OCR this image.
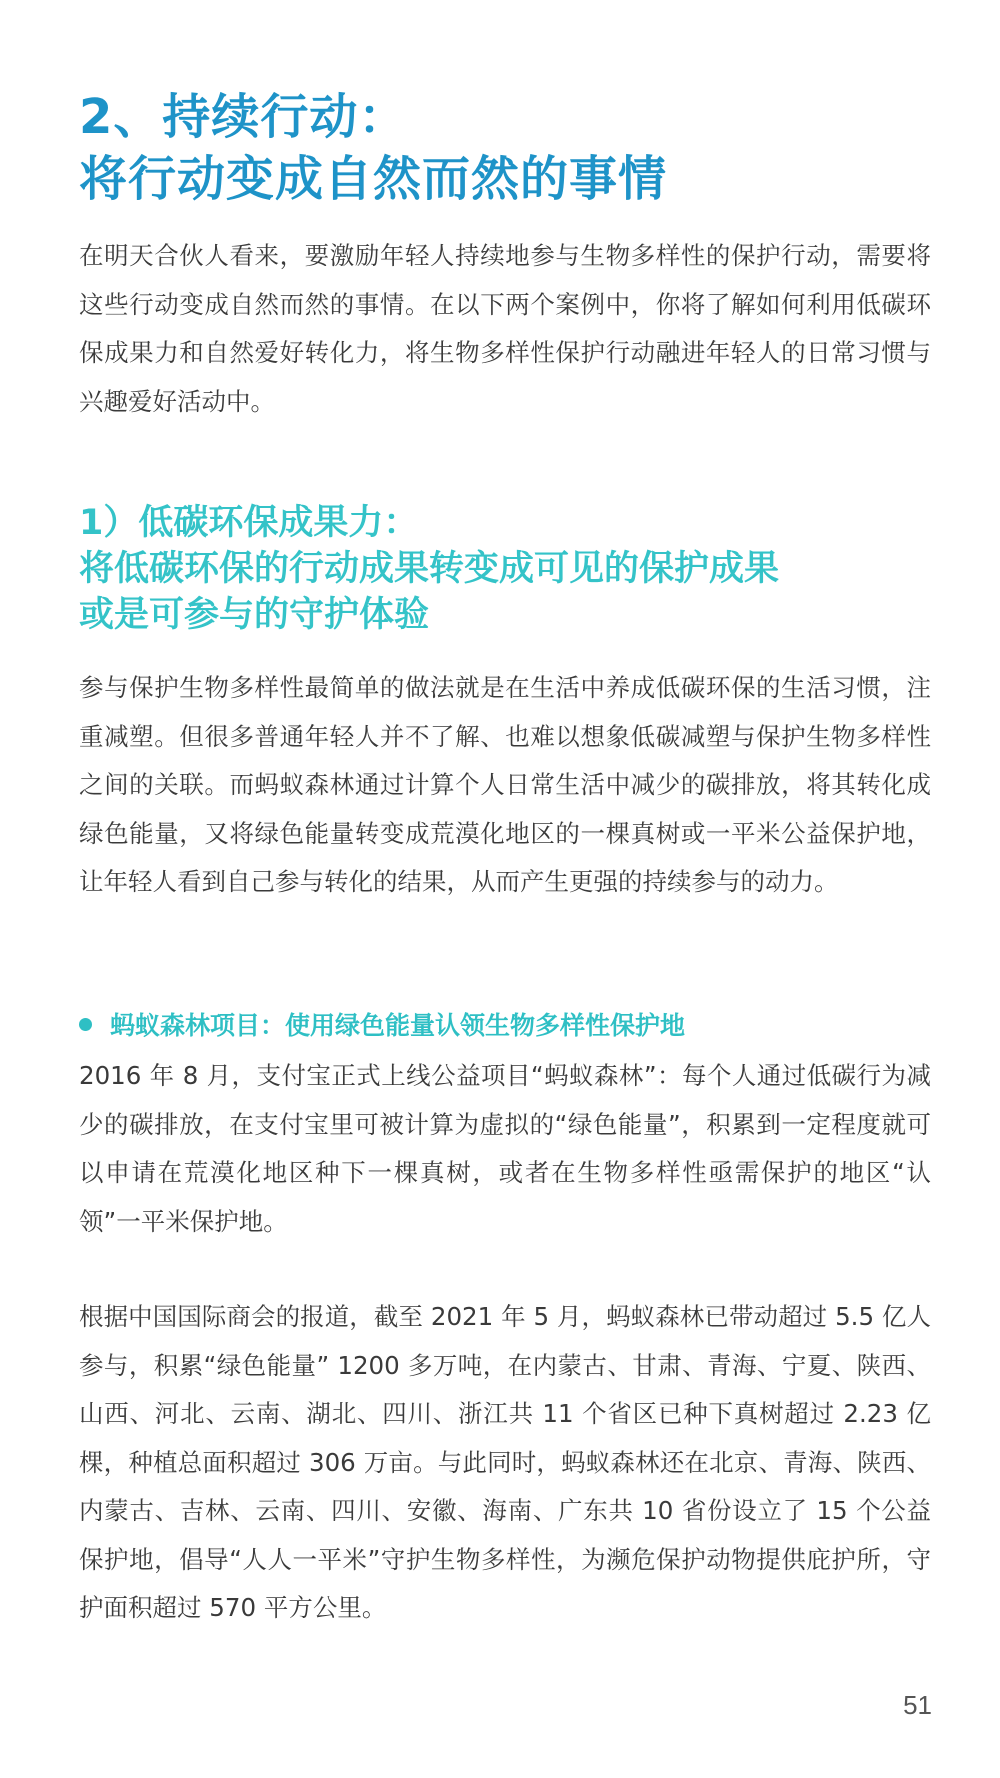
2、持续行动：
将行动变成自然而然的事情

在明天合伙人看来，要激励年轻人持续地参与生物多样性的保护行动，需要将这些行动变成自然而然的事情。在以下两个案例中，你将了解如何利用低碳环保成果力和自然爱好转化力，将生物多样性保护行动融进年轻人的日常习惯与兴趣爱好活动中。

1）低碳环保成果力：
将低碳环保的行动成果转变成可见的保护成果
或是可参与的守护体验

参与保护生物多样性最简单的做法就是在生活中养成低碳环保的生活习惯，注重减塑。但很多普通年轻人并不了解、也难以想象低碳减塑与保护生物多样性之间的关联。而蚂蚁森林通过计算个人日常生活中减少的碳排放，将其转化成绿色能量，又将绿色能量转变成荒漠化地区的一棵真树或一平米公益保护地，让年轻人看到自己参与转化的结果，从而产生更强的持续参与的动力。

蚂蚁森林项目：使用绿色能量认领生物多样性保护地

2016 年 8 月，支付宝正式上线公益项目“蚂蚁森林”：每个人通过低碳行为减少的碳排放，在支付宝里可被计算为虚拟的“绿色能量”，积累到一定程度就可以申请在荒漠化地区种下一棵真树，或者在生物多样性亟需保护的地区“认领”一平米保护地。

根据中国国际商会的报道，截至 2021 年 5 月，蚂蚁森林已带动超过 5.5 亿人参与，积累“绿色能量” 1200 多万吨，在内蒙古、甘肃、青海、宁夏、陕西、山西、河北、云南、湖北、四川、浙江共 11 个省区已种下真树超过 2.23 亿棵，种植总面积超过 306 万亩。与此同时，蚂蚁森林还在北京、青海、陕西、内蒙古、吉林、云南、四川、安徽、海南、广东共 10 省份设立了 15 个公益保护地，倡导“人人一平米”守护生物多样性，为濒危保护动物提供庇护所，守护面积超过 570 平方公里。

51
